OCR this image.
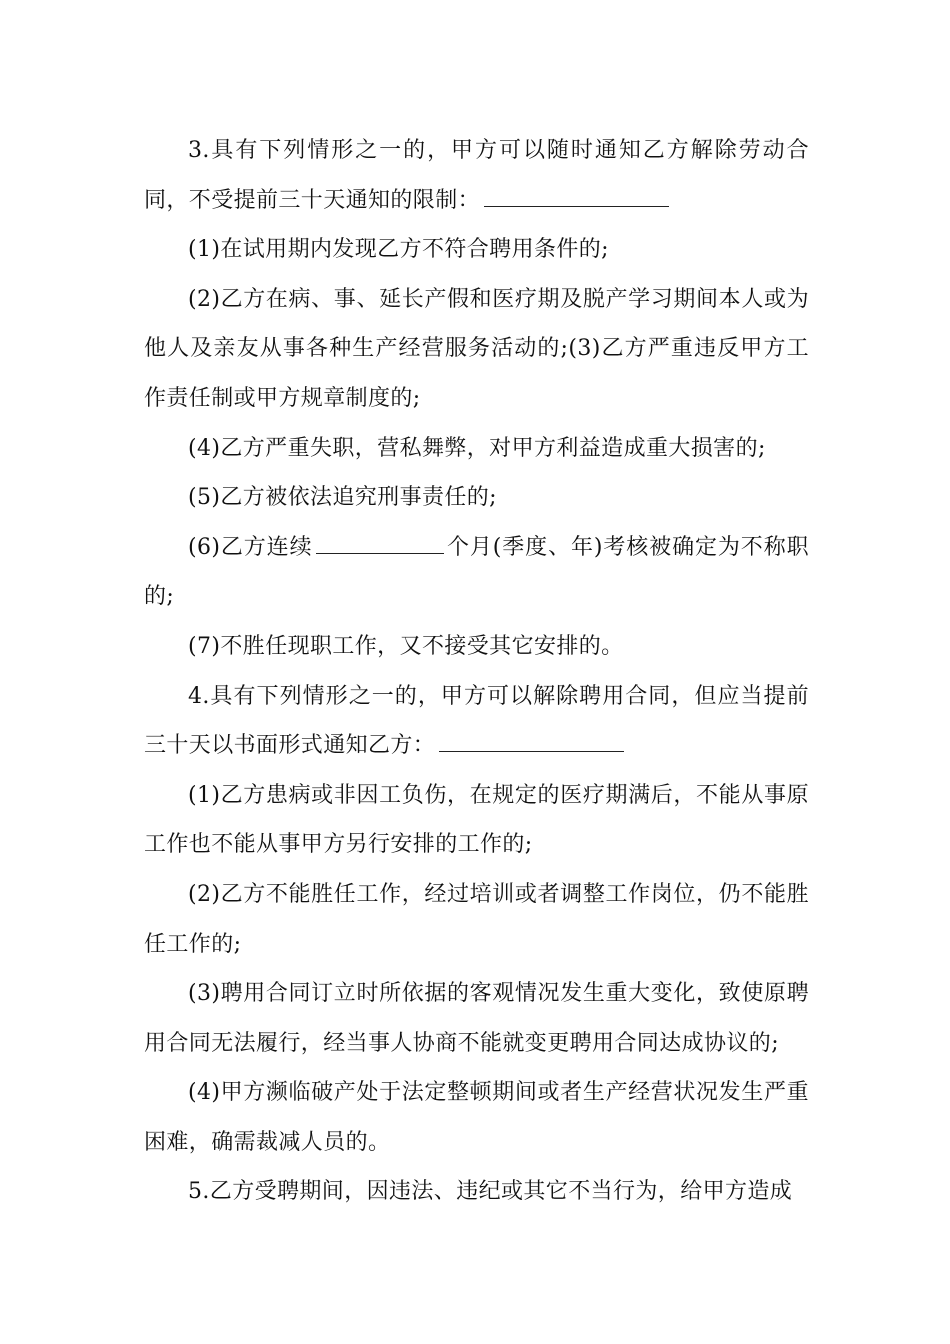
3.具有下列情形之一的，甲方可以随时通知乙方解除劳动合同，不受提前三十天通知的限制：

(1)在试用期内发现乙方不符合聘用条件的;

(2)乙方在病、事、延长产假和医疗期及脱产学习期间本人或为他人及亲友从事各种生产经营服务活动的;(3)乙方严重违反甲方工作责任制或甲方规章制度的;

(4)乙方严重失职，营私舞弊，对甲方利益造成重大损害的;

(5)乙方被依法追究刑事责任的;

(6)乙方连续	个月(季度、年)考核被确定为不称职的;

(7)不胜任现职工作，又不接受其它安排的。

4.具有下列情形之一的，甲方可以解除聘用合同，但应当提前三十天以书面形式通知乙方：

(1)乙方患病或非因工负伤，在规定的医疗期满后，不能从事原工作也不能从事甲方另行安排的工作的;

(2)乙方不能胜任工作，经过培训或者调整工作岗位，仍不能胜任工作的;

(3)聘用合同订立时所依据的客观情况发生重大变化，致使原聘用合同无法履行，经当事人协商不能就变更聘用合同达成协议的;

(4)甲方濒临破产处于法定整顿期间或者生产经营状况发生严重困难，确需裁减人员的。

5.乙方受聘期间，因违法、违纪或其它不当行为，给甲方造成
